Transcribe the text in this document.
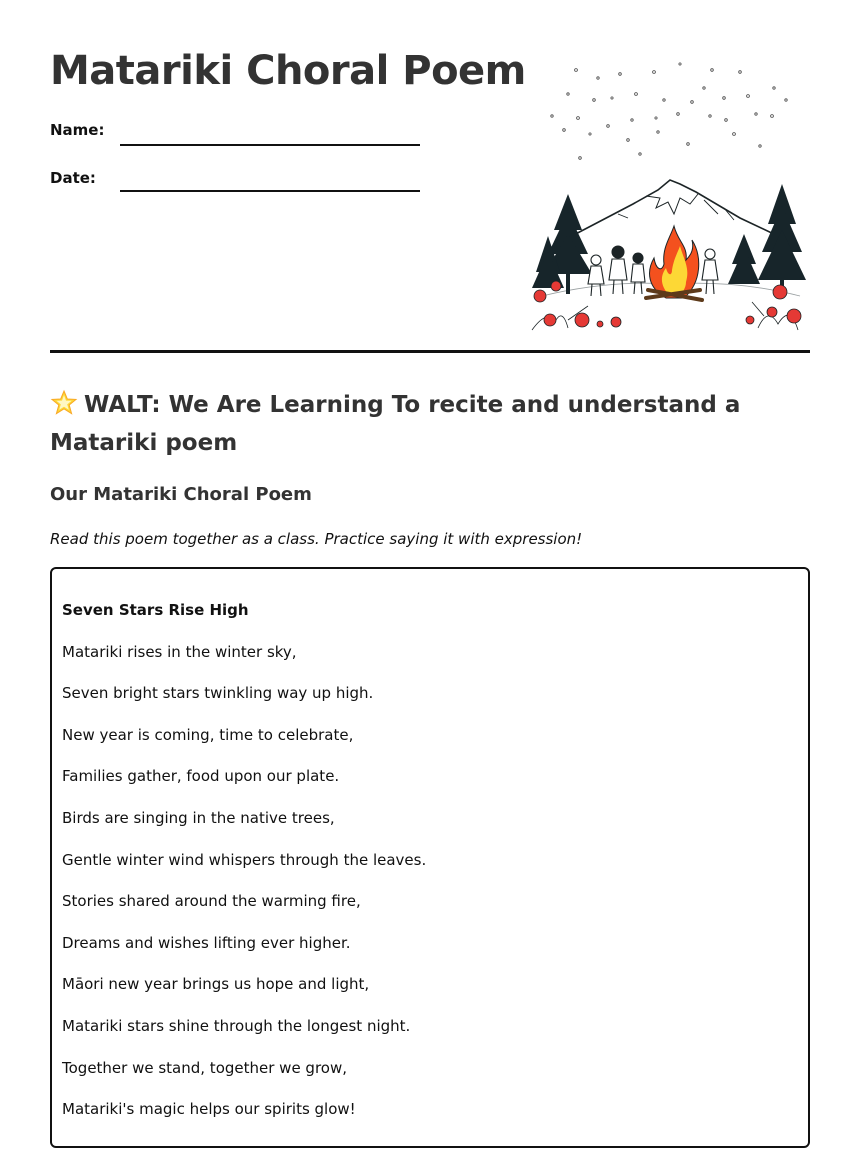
Matariki Choral Poem
Name:
Date:
WALT: We Are Learning To recite and understand a Matariki poem
Our Matariki Choral Poem
Read this poem together as a class. Practice saying it with expression!
Seven Stars Rise High
Matariki rises in the winter sky,
Seven bright stars twinkling way up high.
New year is coming, time to celebrate,
Families gather, food upon our plate.
Birds are singing in the native trees,
Gentle winter wind whispers through the leaves.
Stories shared around the warming fire,
Dreams and wishes lifting ever higher.
Māori new year brings us hope and light,
Matariki stars shine through the longest night.
Together we stand, together we grow,
Matariki's magic helps our spirits glow!
